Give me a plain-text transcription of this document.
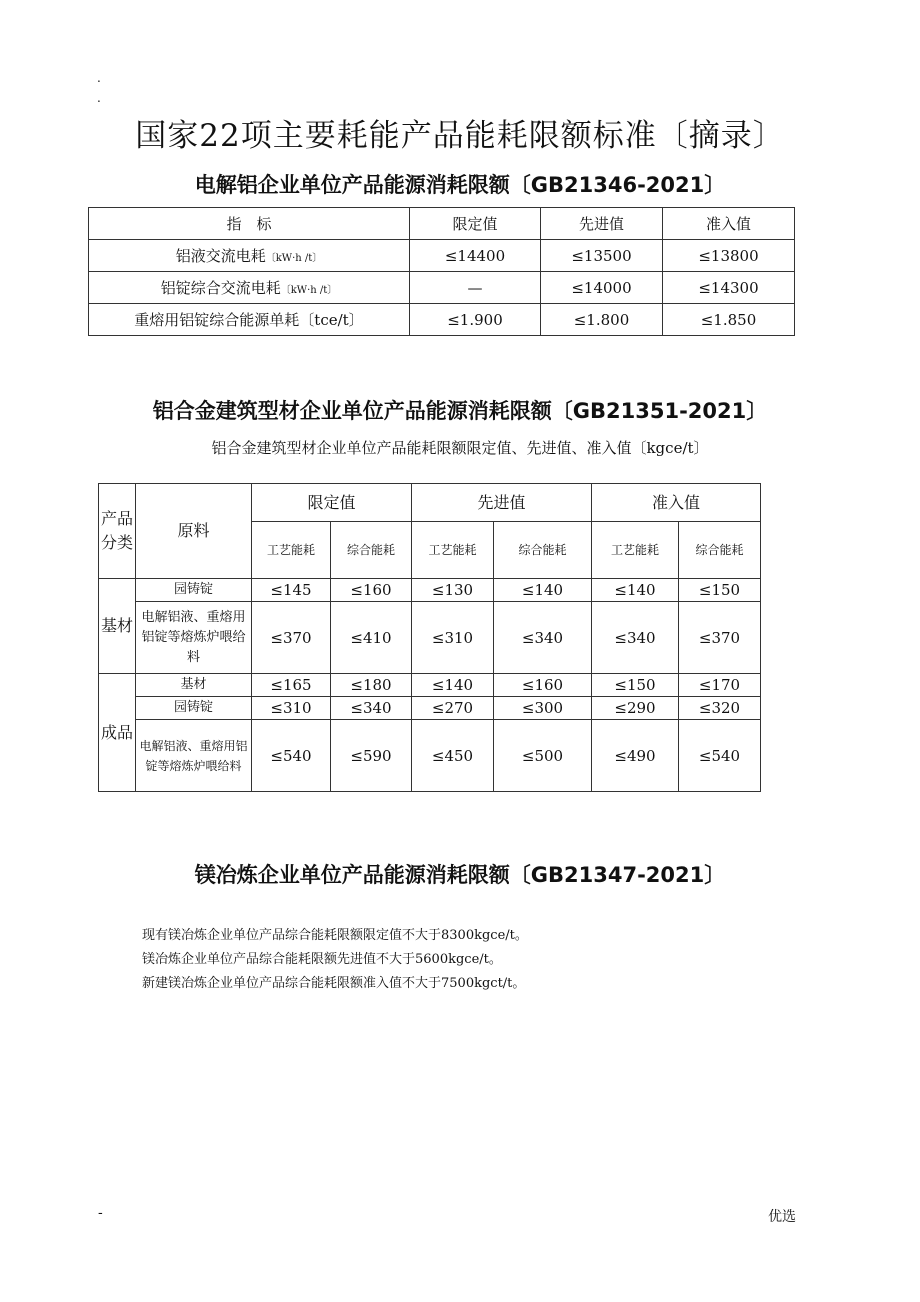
.
.
国家22项主要耗能产品能耗限额标准〔摘录〕
电解铝企业单位产品能源消耗限额〔GB21346-2021〕
指　标	限定值	先进值	准入值
铝液交流电耗〔kW·h /t〕	≤14400	≤13500	≤13800
铝锭综合交流电耗〔kW·h /t〕	—	≤14000	≤14300
重熔用铝锭综合能源单耗〔tce/t〕	≤1.900	≤1.800	≤1.850
铝合金建筑型材企业单位产品能源消耗限额〔GB21351-2021〕
铝合金建筑型材企业单位产品能耗限额限定值、先进值、准入值〔kgce/t〕
产品分类	原料	限定值		先进值		准入值	
		工艺能耗	综合能耗	工艺能耗	综合能耗	工艺能耗	综合能耗
基材	园铸锭	≤145	≤160	≤130	≤140	≤140	≤150
	电解铝液、重熔用铝锭等熔炼炉喂给料	≤370	≤410	≤310	≤340	≤340	≤370
成品	基材	≤165	≤180	≤140	≤160	≤150	≤170
	园铸锭	≤310	≤340	≤270	≤300	≤290	≤320
	电解铝液、重熔用铝锭等熔炼炉喂给料	≤540	≤590	≤450	≤500	≤490	≤540
镁冶炼企业单位产品能源消耗限额〔GB21347-2021〕
现有镁冶炼企业单位产品综合能耗限额限定值不大于8300kgce/t。
镁冶炼企业单位产品综合能耗限额先进值不大于5600kgce/t。
新建镁冶炼企业单位产品综合能耗限额准入值不大于7500kgct/t。
-	优选
